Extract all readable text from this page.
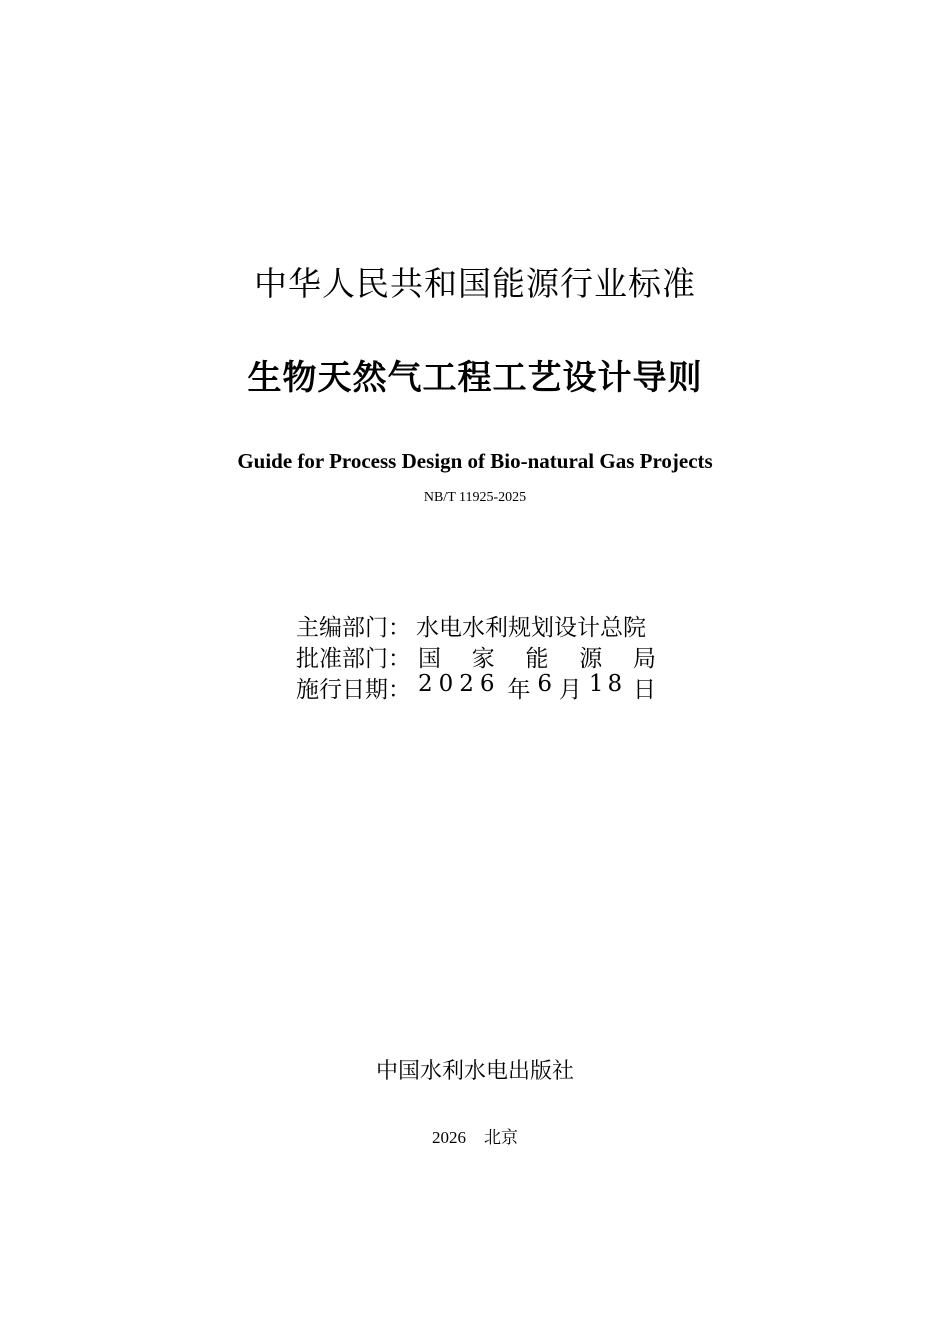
中华人民共和国能源行业标准
生物天然气工程工艺设计导则
Guide for Process Design of Bio-natural Gas Projects
NB/T 11925-2025
主编部门： 水电水利规划设计总院
批准部门： 国 家 能 源 局
施行日期： 2026 年 6 月 18 日
中国水利水电出版社
2026 北京
